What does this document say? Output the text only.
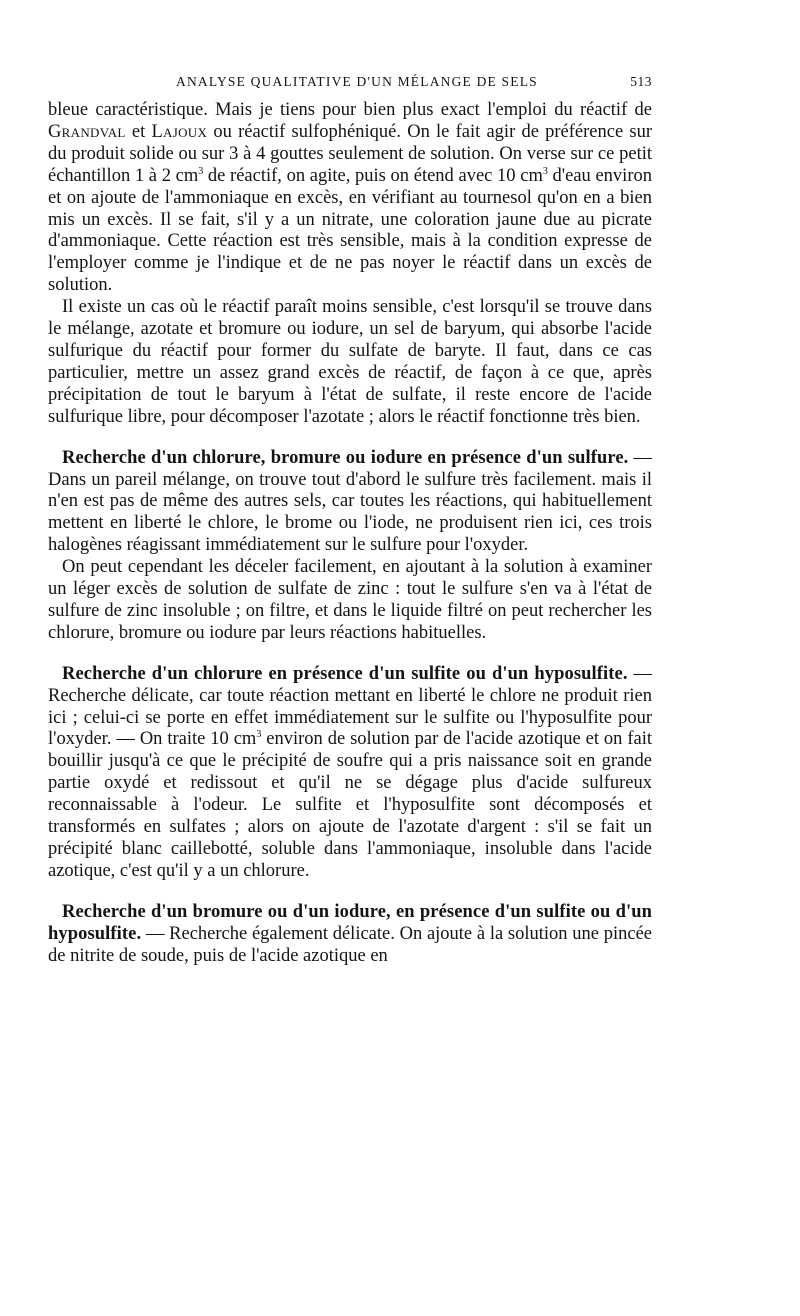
ANALYSE QUALITATIVE D'UN MÉLANGE DE SELS	513

bleue caractéristique. Mais je tiens pour bien plus exact l'emploi du réactif de Grandval et Lajoux ou réactif sulfophéniqué. On le fait agir de préférence sur du produit solide ou sur 3 à 4 gouttes seulement de solution. On verse sur ce petit échantillon 1 à 2 $cm^3$ de réactif, on agite, puis on étend avec 10 $cm^3$ d'eau environ et on ajoute de l'ammoniaque en excès, en vérifiant au tournesol qu'on en a bien mis un excès. Il se fait, s'il y a un nitrate, une coloration jaune due au picrate d'ammoniaque. Cette réaction est très sensible, mais à la condition expresse de l'employer comme je l'indique et de ne pas noyer le réactif dans un excès de solution.

Il existe un cas où le réactif paraît moins sensible, c'est lorsqu'il se trouve dans le mélange, azotate et bromure ou iodure, un sel de baryum, qui absorbe l'acide sulfurique du réactif pour former du sulfate de baryte. Il faut, dans ce cas particulier, mettre un assez grand excès de réactif, de façon à ce que, après précipitation de tout le baryum à l'état de sulfate, il reste encore de l'acide sulfurique libre, pour décomposer l'azotate ; alors le réactif fonctionne très bien.

Recherche d'un chlorure, bromure ou iodure en présence d'un sulfure. — Dans un pareil mélange, on trouve tout d'abord le sulfure très facilement. mais il n'en est pas de même des autres sels, car toutes les réactions, qui habituellement mettent en liberté le chlore, le brome ou l'iode, ne produisent rien ici, ces trois halogènes réagissant immédiatement sur le sulfure pour l'oxyder.

On peut cependant les déceler facilement, en ajoutant à la solution à examiner un léger excès de solution de sulfate de zinc : tout le sulfure s'en va à l'état de sulfure de zinc insoluble ; on filtre, et dans le liquide filtré on peut rechercher les chlorure, bromure ou iodure par leurs réactions habituelles.

Recherche d'un chlorure en présence d'un sulfite ou d'un hyposulfite. — Recherche délicate, car toute réaction mettant en liberté le chlore ne produit rien ici ; celui-ci se porte en effet immédiatement sur le sulfite ou l'hyposulfite pour l'oxyder. — On traite 10 $cm^3$ environ de solution par de l'acide azotique et on fait bouillir jusqu'à ce que le précipité de soufre qui a pris naissance soit en grande partie oxydé et redissout et qu'il ne se dégage plus d'acide sulfureux reconnaissable à l'odeur. Le sulfite et l'hyposulfite sont décomposés et transformés en sulfates ; alors on ajoute de l'azotate d'argent : s'il se fait un précipité blanc caillebotté, soluble dans l'ammoniaque, insoluble dans l'acide azotique, c'est qu'il y a un chlorure.

Recherche d'un bromure ou d'un iodure, en présence d'un sulfite ou d'un hyposulfite. — Recherche également délicate. On ajoute à la solution une pincée de nitrite de soude, puis de l'acide azotique en
